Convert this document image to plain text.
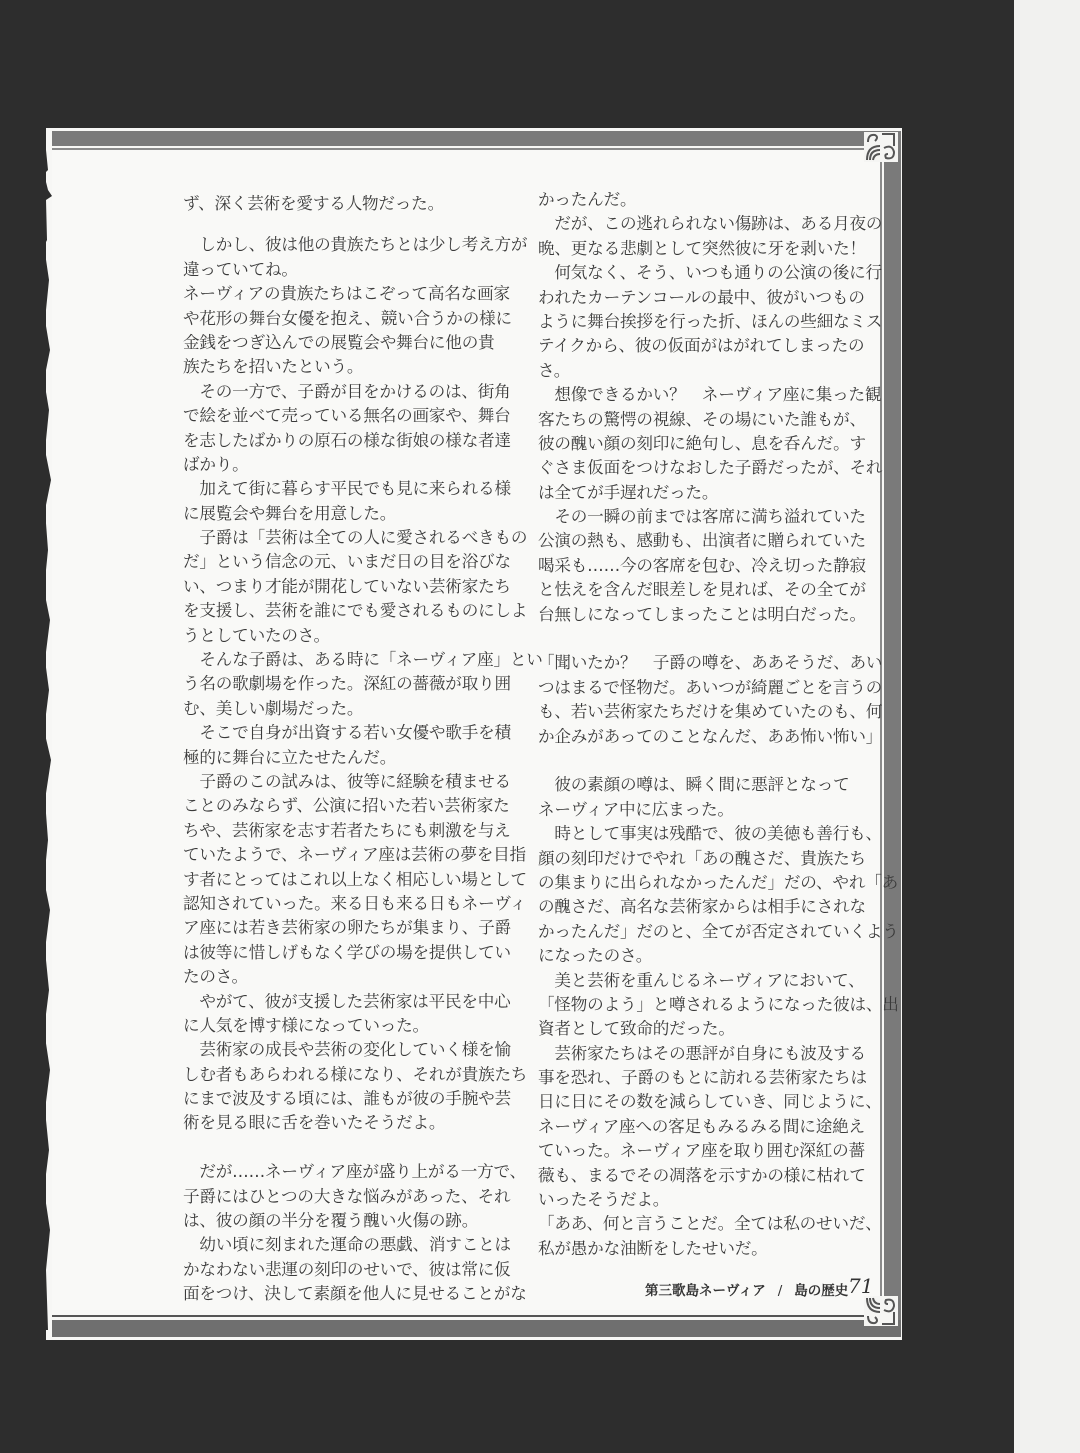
ず、深く芸術を愛する人物だった。
　しかし、彼は他の貴族たちとは少し考え方が
違っていてね。
ネーヴィアの貴族たちはこぞって高名な画家
や花形の舞台女優を抱え、競い合うかの様に
金銭をつぎ込んでの展覧会や舞台に他の貴
族たちを招いたという。
　その一方で、子爵が目をかけるのは、街角
で絵を並べて売っている無名の画家や、舞台
を志したばかりの原石の様な街娘の様な者達
ばかり。
　加えて街に暮らす平民でも見に来られる様
に展覧会や舞台を用意した。
　子爵は「芸術は全ての人に愛されるべきもの
だ」という信念の元、いまだ日の目を浴びな
い、つまり才能が開花していない芸術家たち
を支援し、芸術を誰にでも愛されるものにしよ
うとしていたのさ。
　そんな子爵は、ある時に「ネーヴィア座」とい
う名の歌劇場を作った。深紅の薔薇が取り囲
む、美しい劇場だった。
　そこで自身が出資する若い女優や歌手を積
極的に舞台に立たせたんだ。
　子爵のこの試みは、彼等に経験を積ませる
ことのみならず、公演に招いた若い芸術家た
ちや、芸術家を志す若者たちにも刺激を与え
ていたようで、ネーヴィア座は芸術の夢を目指
す者にとってはこれ以上なく相応しい場として
認知されていった。来る日も来る日もネーヴィ
ア座には若き芸術家の卵たちが集まり、子爵
は彼等に惜しげもなく学びの場を提供してい
たのさ。
　やがて、彼が支援した芸術家は平民を中心
に人気を博す様になっていった。
　芸術家の成長や芸術の変化していく様を愉
しむ者もあらわれる様になり、それが貴族たち
にまで波及する頃には、誰もが彼の手腕や芸
術を見る眼に舌を巻いたそうだよ。
　だが……ネーヴィア座が盛り上がる一方で、
子爵にはひとつの大きな悩みがあった、それ
は、彼の顔の半分を覆う醜い火傷の跡。
　幼い頃に刻まれた運命の悪戯、消すことは
かなわない悲運の刻印のせいで、彼は常に仮
面をつけ、決して素顔を他人に見せることがな
かったんだ。
　だが、この逃れられない傷跡は、ある月夜の
晩、更なる悲劇として突然彼に牙を剥いた！
　何気なく、そう、いつも通りの公演の後に行
われたカーテンコールの最中、彼がいつもの
ように舞台挨拶を行った折、ほんの些細なミス
テイクから、彼の仮面がはがれてしまったの
さ。
　想像できるかい？　ネーヴィア座に集った観
客たちの驚愕の視線、その場にいた誰もが、
彼の醜い顔の刻印に絶句し、息を呑んだ。す
ぐさま仮面をつけなおした子爵だったが、それ
は全てが手遅れだった。
　その一瞬の前までは客席に満ち溢れていた
公演の熱も、感動も、出演者に贈られていた
喝采も……今の客席を包む、冷え切った静寂
と怯えを含んだ眼差しを見れば、その全てが
台無しになってしまったことは明白だった。
「聞いたか？　子爵の噂を、ああそうだ、あい
つはまるで怪物だ。あいつが綺麗ごとを言うの
も、若い芸術家たちだけを集めていたのも、何
か企みがあってのことなんだ、ああ怖い怖い」
　彼の素顔の噂は、瞬く間に悪評となって
ネーヴィア中に広まった。
　時として事実は残酷で、彼の美徳も善行も、
顔の刻印だけでやれ「あの醜さだ、貴族たち
の集まりに出られなかったんだ」だの、やれ「あ
の醜さだ、高名な芸術家からは相手にされな
かったんだ」だのと、全てが否定されていくよう
になったのさ。
　美と芸術を重んじるネーヴィアにおいて、
「怪物のよう」と噂されるようになった彼は、出
資者として致命的だった。
　芸術家たちはその悪評が自身にも波及する
事を恐れ、子爵のもとに訪れる芸術家たちは
日に日にその数を減らしていき、同じように、
ネーヴィア座への客足もみるみる間に途絶え
ていった。ネーヴィア座を取り囲む深紅の薔
薇も、まるでその凋落を示すかの様に枯れて
いったそうだよ。
「ああ、何と言うことだ。全ては私のせいだ、
私が愚かな油断をしたせいだ。
第三歌島ネーヴィア / 島の歴史 71
